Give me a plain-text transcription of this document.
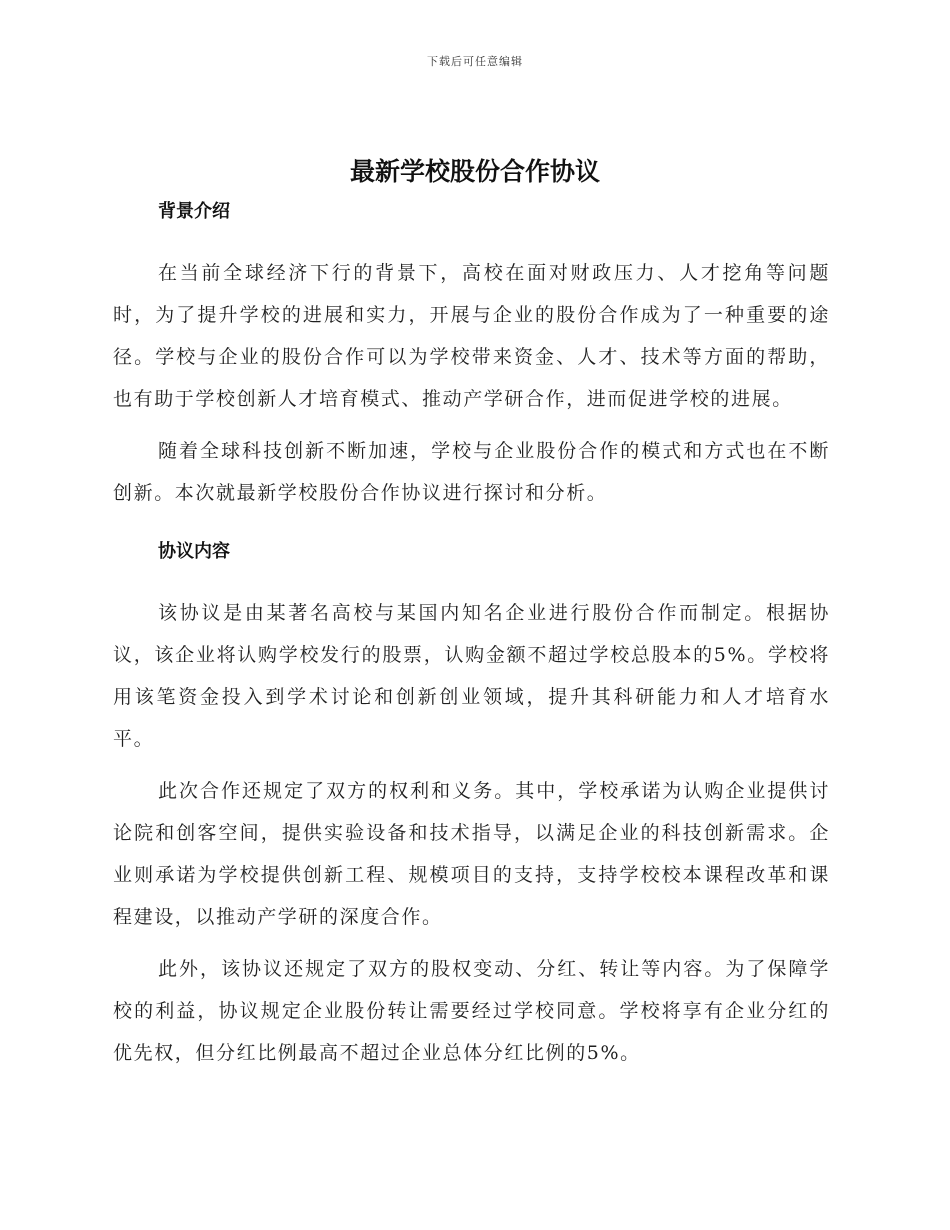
下载后可任意编辑
最新学校股份合作协议
背景介绍

在当前全球经济下行的背景下，高校在面对财政压力、人才挖角等问题时，为了提升学校的进展和实力，开展与企业的股份合作成为了一种重要的途径。学校与企业的股份合作可以为学校带来资金、人才、技术等方面的帮助，也有助于学校创新人才培育模式、推动产学研合作，进而促进学校的进展。

随着全球科技创新不断加速，学校与企业股份合作的模式和方式也在不断创新。本次就最新学校股份合作协议进行探讨和分析。

协议内容

该协议是由某著名高校与某国内知名企业进行股份合作而制定。根据协议，该企业将认购学校发行的股票，认购金额不超过学校总股本的5%。学校将用该笔资金投入到学术讨论和创新创业领域，提升其科研能力和人才培育水平。

此次合作还规定了双方的权利和义务。其中，学校承诺为认购企业提供讨论院和创客空间，提供实验设备和技术指导，以满足企业的科技创新需求。企业则承诺为学校提供创新工程、规模项目的支持，支持学校校本课程改革和课程建设，以推动产学研的深度合作。

此外，该协议还规定了双方的股权变动、分红、转让等内容。为了保障学校的利益，协议规定企业股份转让需要经过学校同意。学校将享有企业分红的优先权，但分红比例最高不超过企业总体分红比例的5%。
